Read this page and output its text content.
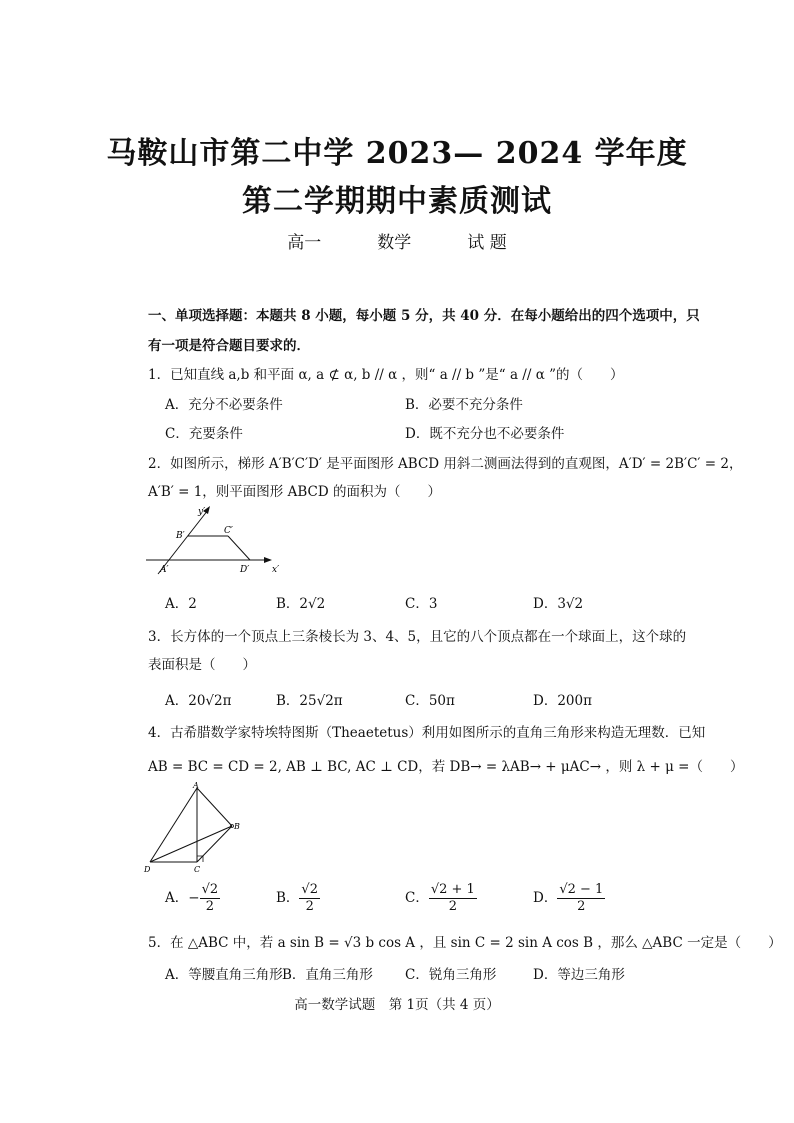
马鞍山市第二中学 2023— 2024 学年度
第二学期期中素质测试
高一	数学	试 题
一、单项选择题：本题共 8 小题，每小题 5 分，共 40 分．在每小题给出的四个选项中，只
有一项是符合题目要求的．
1．已知直线 a,b 和平面 α, a ⊄ α, b // α ，则“ a // b ”是“ a // α ”的（　　）
A．充分不必要条件	B．必要不充分条件
C．充要条件	D．既不充分也不必要条件
2．如图所示，梯形 A′B′C′D′ 是平面图形 ABCD 用斜二测画法得到的直观图，A′D′ = 2B′C′ = 2，
A′B′ = 1，则平面图形 ABCD 的面积为（　　）
y′
x′
A′
B′	C′
D′
A．2	B．2√2	C．3	D．3√2
3．长方体的一个顶点上三条棱长为 3、4、5，且它的八个顶点都在一个球面上，这个球的
表面积是（　　）
A．20√2π	B．25√2π	C．50π	D．200π
4．古希腊数学家特埃特图斯（Theaetetus）利用如图所示的直角三角形来构造无理数．已知
AB = BC = CD = 2, AB ⊥ BC, AC ⊥ CD，若 DB→ = λAB→ + μAC→ ，则 λ + μ =（　　）
A
B
C
D
A．− $\frac{√2}{2}$	B． $\frac{√2}{2}$	C． $\frac{√2 + 1}{2}$	D． $\frac{√2 - 1}{2}$
5．在 △ABC 中，若 a sin B = √3 b cos A ，且 sin C = 2 sin A cos B ，那么 △ABC 一定是（　　）
A．等腰直角三角形 B．直角三角形 C．锐角三角形	D．等边三角形
高一数学试题　第 1页（共 4 页）
